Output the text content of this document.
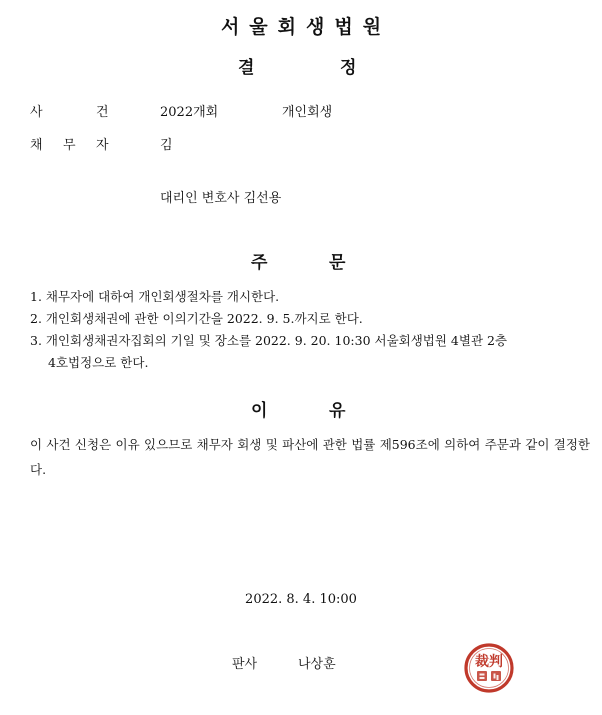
서울회생법원
결	정
사	건	2022개회	개인회생
채 무 자	김
대리인 변호사 김선용
주	문
1. 채무자에 대하여 개인회생절차를 개시한다.
2. 개인회생채권에 관한 이의기간을 2022. 9. 5.까지로 한다.
3. 개인회생채권자집회의 기일 및 장소를 2022. 9. 20. 10:30 서울회생법원 4별관 2층
4호법정으로 한다.
이	유
이 사건 신청은 이유 있으므로 채무자 회생 및 파산에 관한 법률 제596조에 의하여 주문과 같이 결정한다.
2022. 8. 4. 10:00
판사	나상훈	裁判
